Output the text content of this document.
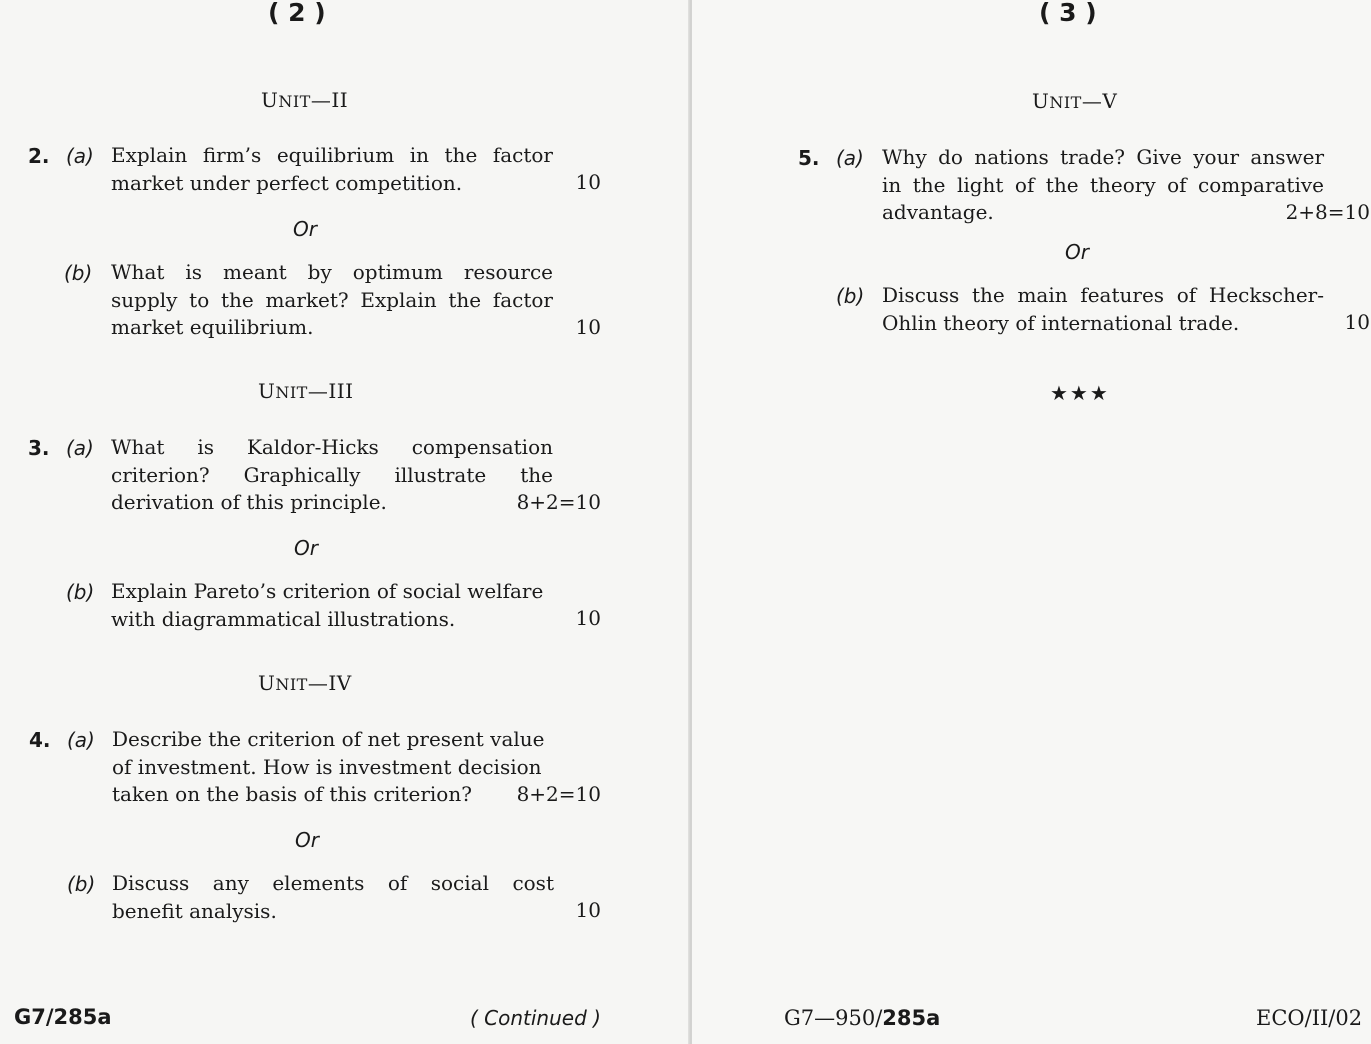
( 2 )
UNIT—II
2. (a) Explain firm’s equilibrium in the factor
market under perfect competition.	10
Or
(b) What is meant by optimum resource
supply to the market? Explain the factor
market equilibrium.	10
UNIT—III
3. (a) What is Kaldor-Hicks compensation
criterion? Graphically illustrate the
derivation of this principle.	8+2=10
Or
(b) Explain Pareto’s criterion of social welfare
with diagrammatical illustrations.	10
UNIT—IV
4. (a) Describe the criterion of net present value
of investment. How is investment decision
taken on the basis of this criterion?	8+2=10
Or
(b) Discuss any elements of social cost
benefit analysis.	10
G7/285a	( Continued )
( 3 )
UNIT—V
5. (a) Why do nations trade? Give your answer
in the light of the theory of comparative
advantage.	2+8=10
Or
(b) Discuss the main features of Heckscher-
Ohlin theory of international trade.	10
★★★
G7—950/285a	ECO/II/02
